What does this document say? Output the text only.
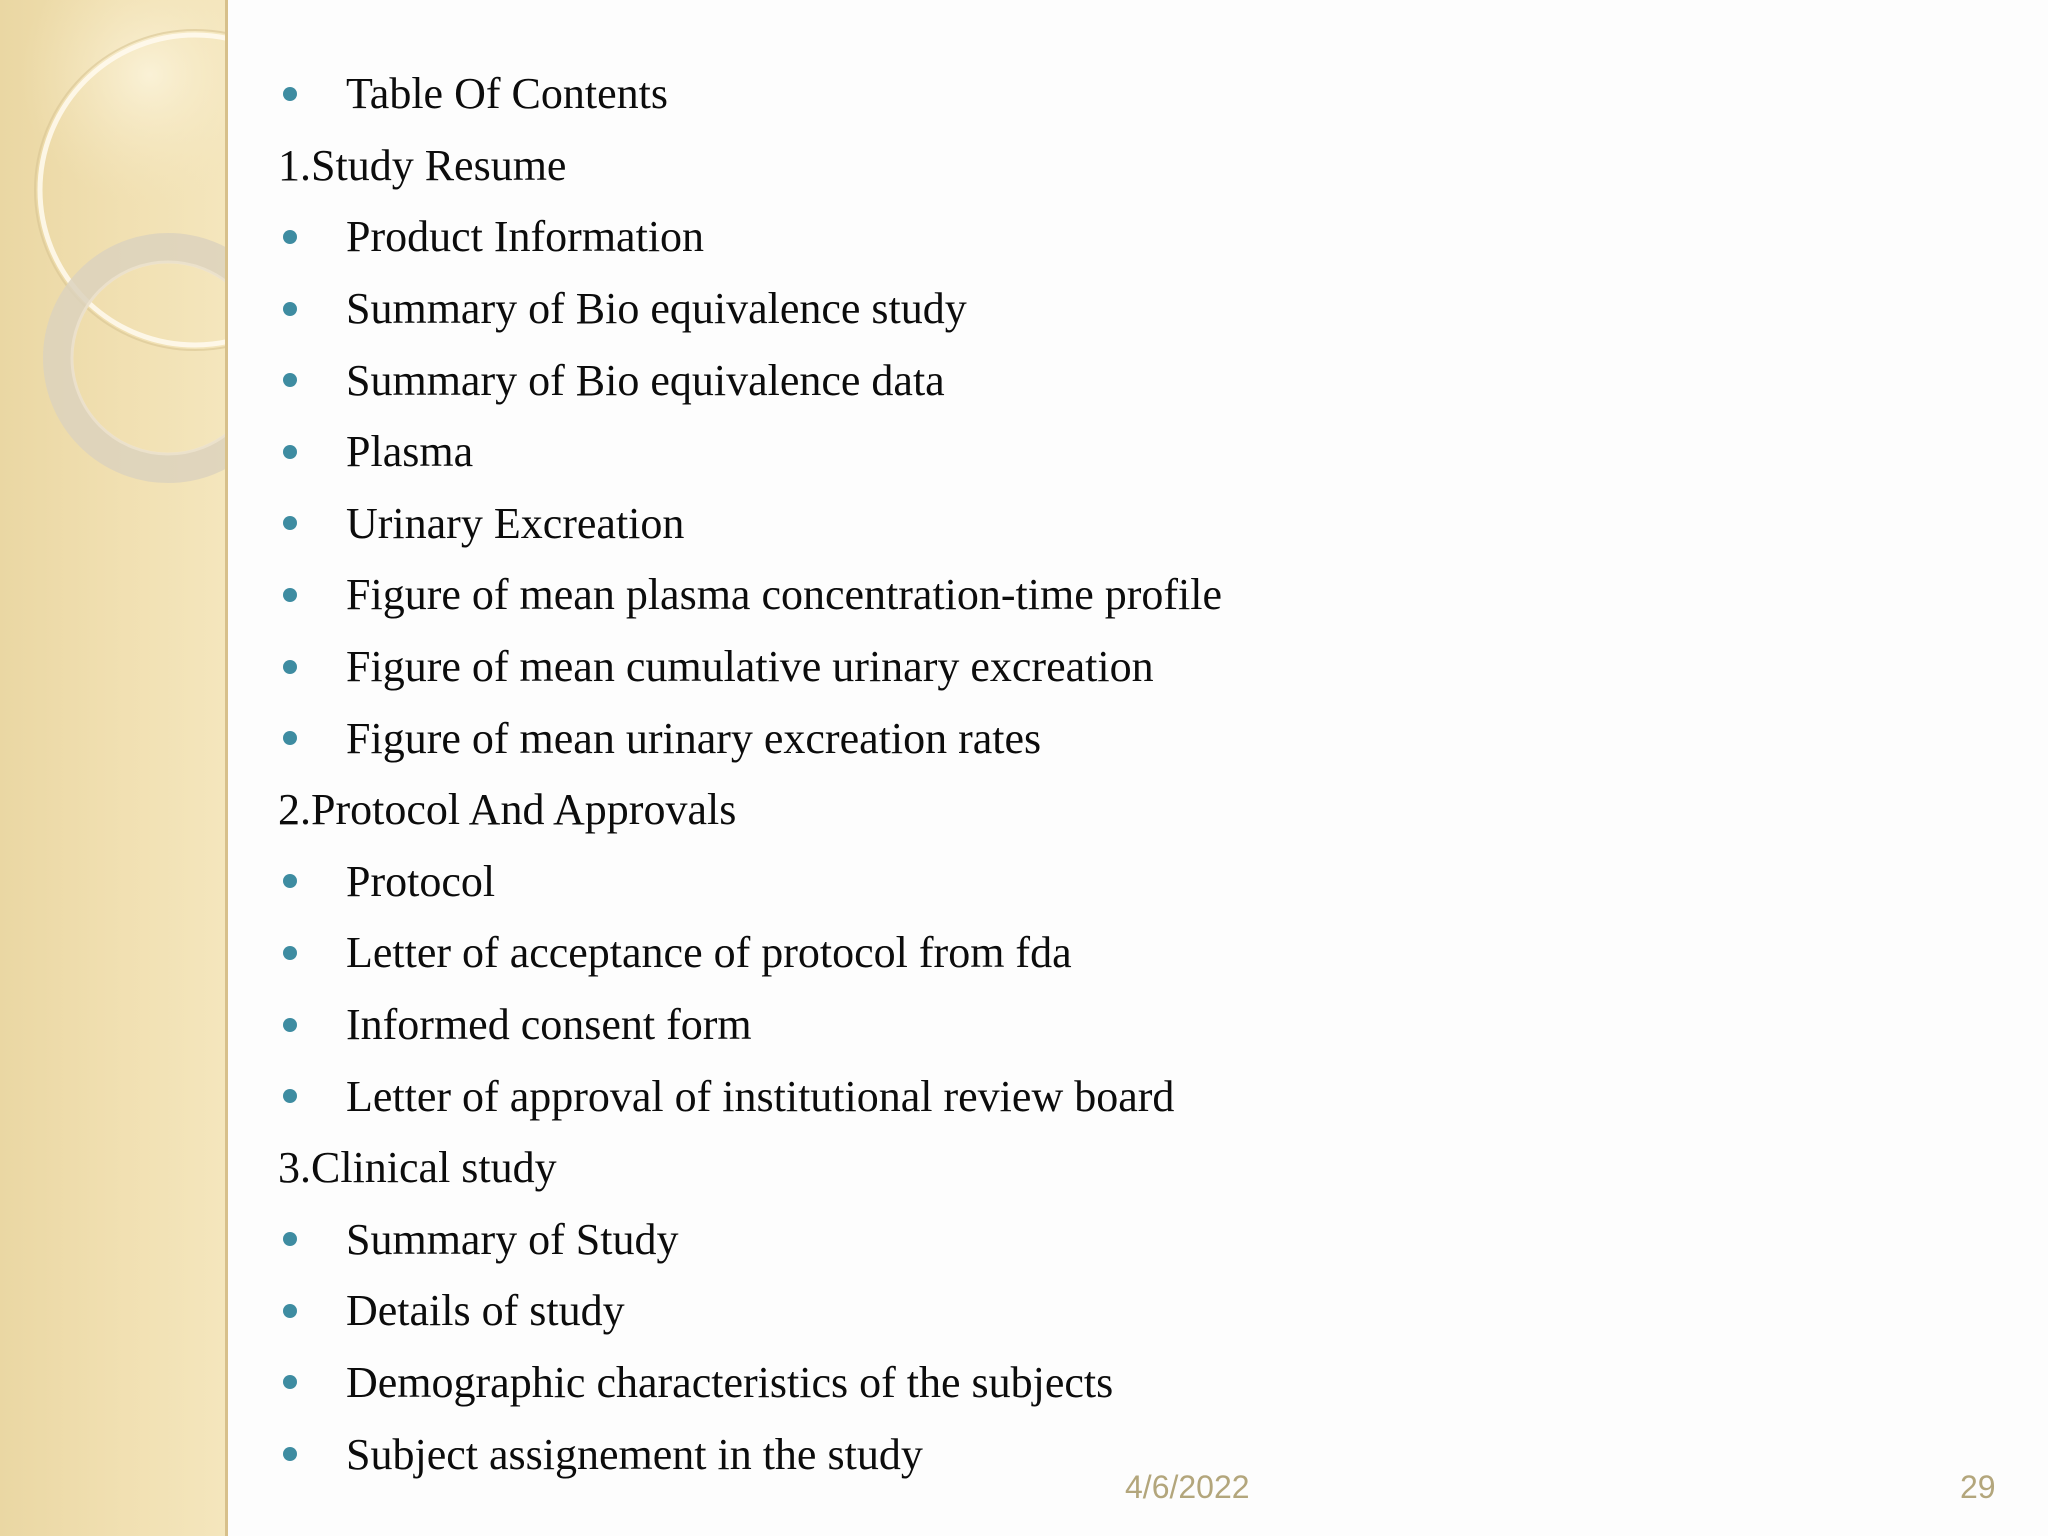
Table Of Contents
1.Study Resume
Product Information
Summary of Bio equivalence study
Summary of Bio equivalence data
Plasma
Urinary Excreation
Figure of mean plasma concentration-time profile
Figure of mean cumulative urinary excreation
Figure of mean urinary excreation rates
2.Protocol And Approvals
Protocol
Letter of acceptance of protocol from fda
Informed consent form
Letter of approval of institutional review board
3.Clinical study
Summary of Study
Details of study
Demographic characteristics of the subjects
Subject assignement in the study
4/6/2022	29
